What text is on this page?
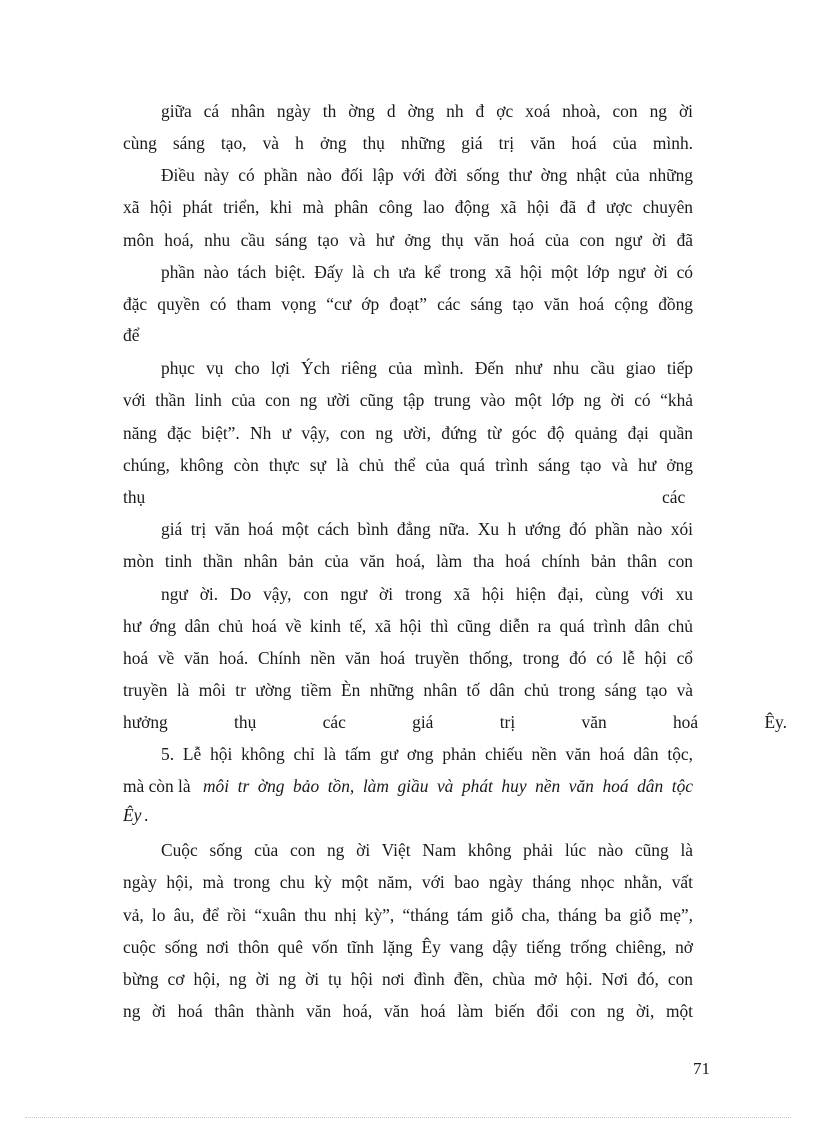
giữa cá nhân ngày th ờng d ờng nh đ ợc xoá nhoà, con ng ời
cùng sáng tạo, và h ởng thụ những giá trị văn hoá của mình.
Điều này có phần nào đối lập với đời sống thư ờng nhật của những
xã hội phát triển, khi mà phân công lao động xã hội đã đ ược chuyên
môn hoá, nhu cầu sáng tạo và hư ởng thụ văn hoá của con ngư ời đã
phần nào tách biệt. Đấy là ch ưa kể trong xã hội một lớp ngư ời có
đặc quyền có tham vọng “cư ớp đoạt” các sáng tạo văn hoá cộng đồng
để
phục vụ cho lợi Ých riêng của mình. Đến như nhu cầu giao tiếp
với thần linh của con ng ười cũng tập trung vào một lớp ng ời có “khả
năng đặc biệt”. Nh ư vậy, con ng ười, đứng từ góc độ quảng đại quần
chúng, không còn thực sự là chủ thể của quá trình sáng tạo và hư ởng
thụ	các
giá trị văn hoá một cách bình đẳng nữa. Xu h ướng đó phần nào xói
mòn tinh thần nhân bản của văn hoá, làm tha hoá chính bản thân con
ngư ời. Do vậy, con ngư ời trong xã hội hiện đại, cùng với xu
hư ớng dân chủ hoá về kinh tế, xã hội thì cũng diễn ra quá trình dân chủ
hoá về văn hoá. Chính nền văn hoá truyền thống, trong đó có lễ hội cổ
truyền là môi tr ường tiềm Èn những nhân tố dân chủ trong sáng tạo và
hưởng thụ các giá trị văn hoá Êy.
5. Lễ hội không chỉ là tấm gư ơng phản chiếu nền văn hoá dân tộc,
mà còn là môi tr ờng bảo tồn, làm giầu và phát huy nền văn hoá dân tộc
Êy .
Cuộc sống của con ng ời Việt Nam không phải lúc nào cũng là
ngày hội, mà trong chu kỳ một năm, với bao ngày tháng nhọc nhằn, vất
vả, lo âu, để rồi “xuân thu nhị kỳ”, “tháng tám giỗ cha, tháng ba giỗ mẹ”,
cuộc sống nơi thôn quê vốn tĩnh lặng Êy vang dậy tiếng trống chiêng, nở
bừng cơ hội, ng ời ng ời tụ hội nơi đình đền, chùa mở hội. Nơi đó, con
ng ời hoá thân thành văn hoá, văn hoá làm biến đổi con ng ời, một
71
